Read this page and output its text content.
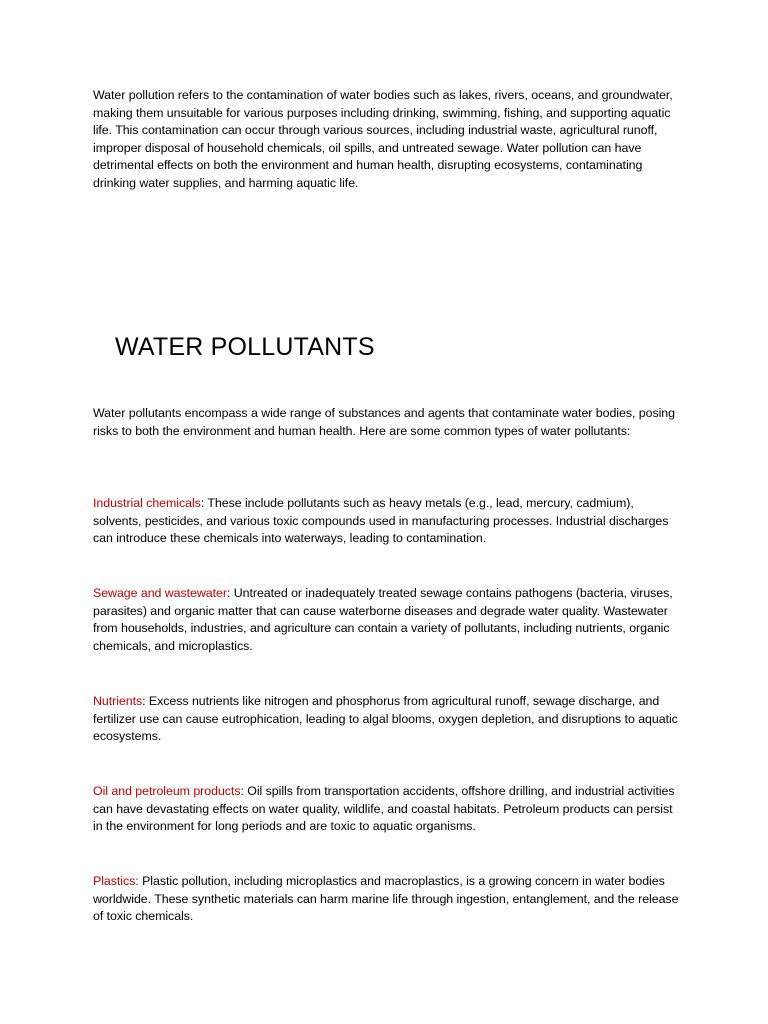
Water pollution refers to the contamination of water bodies such as lakes, rivers, oceans, and groundwater, making them unsuitable for various purposes including drinking, swimming, fishing, and supporting aquatic life. This contamination can occur through various sources, including industrial waste, agricultural runoff, improper disposal of household chemicals, oil spills, and untreated sewage. Water pollution can have detrimental effects on both the environment and human health, disrupting ecosystems, contaminating drinking water supplies, and harming aquatic life.

WATER POLLUTANTS

Water pollutants encompass a wide range of substances and agents that contaminate water bodies, posing risks to both the environment and human health. Here are some common types of water pollutants:

Industrial chemicals: These include pollutants such as heavy metals (e.g., lead, mercury, cadmium), solvents, pesticides, and various toxic compounds used in manufacturing processes. Industrial discharges can introduce these chemicals into waterways, leading to contamination.

Sewage and wastewater: Untreated or inadequately treated sewage contains pathogens (bacteria, viruses, parasites) and organic matter that can cause waterborne diseases and degrade water quality. Wastewater from households, industries, and agriculture can contain a variety of pollutants, including nutrients, organic chemicals, and microplastics.

Nutrients: Excess nutrients like nitrogen and phosphorus from agricultural runoff, sewage discharge, and fertilizer use can cause eutrophication, leading to algal blooms, oxygen depletion, and disruptions to aquatic ecosystems.

Oil and petroleum products: Oil spills from transportation accidents, offshore drilling, and industrial activities can have devastating effects on water quality, wildlife, and coastal habitats. Petroleum products can persist in the environment for long periods and are toxic to aquatic organisms.

Plastics: Plastic pollution, including microplastics and macroplastics, is a growing concern in water bodies worldwide. These synthetic materials can harm marine life through ingestion, entanglement, and the release of toxic chemicals.
